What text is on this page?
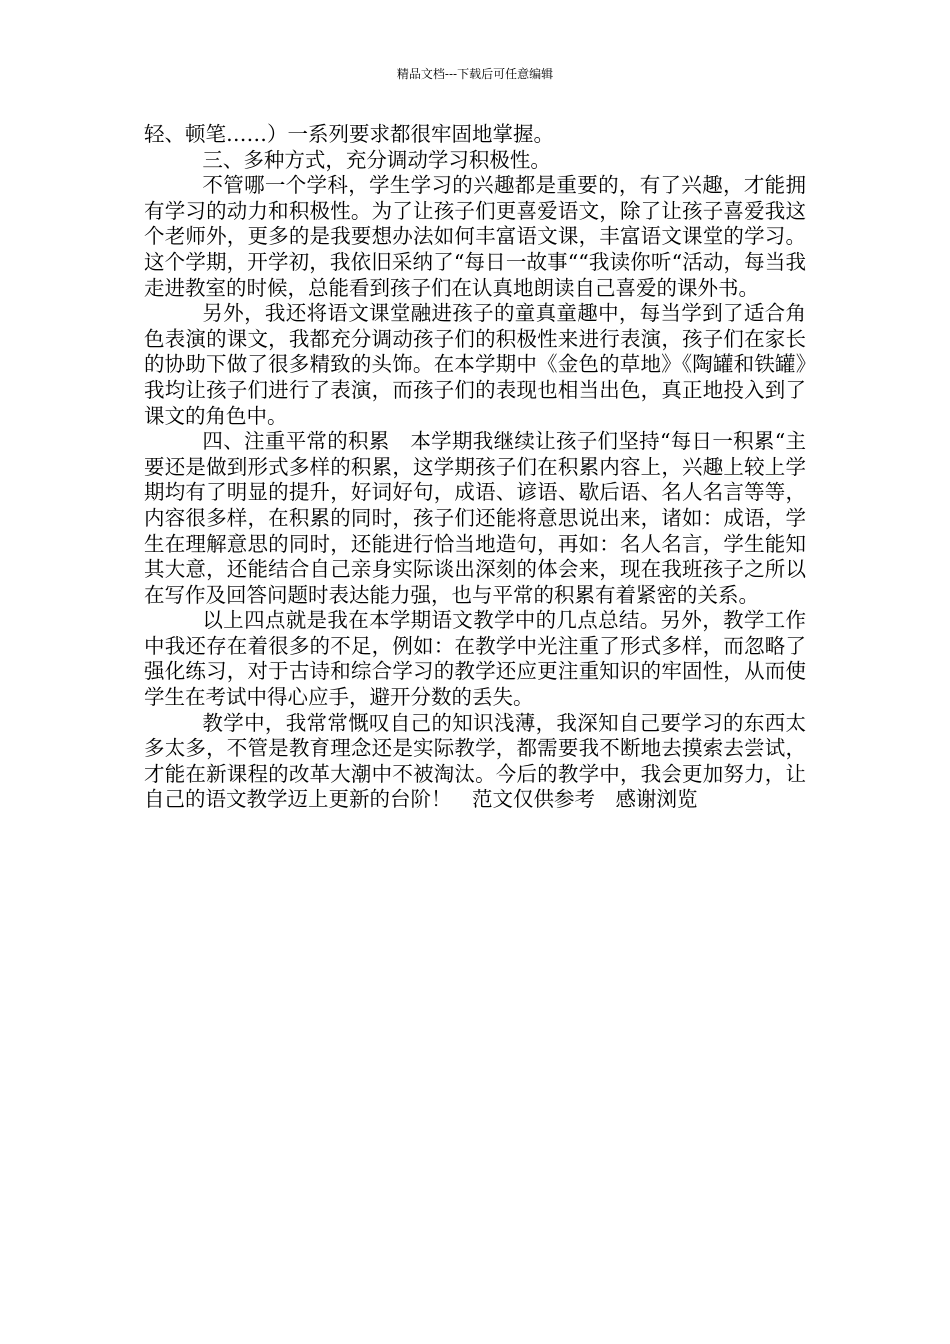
精品文档---下载后可任意编辑

轻、顿笔……）一系列要求都很牢固地掌握。

三、多种方式，充分调动学习积极性。

不管哪一个学科，学生学习的兴趣都是重要的，有了兴趣，才能拥有学习的动力和积极性。为了让孩子们更喜爱语文，除了让孩子喜爱我这个老师外，更多的是我要想办法如何丰富语文课，丰富语文课堂的学习。这个学期，开学初，我依旧采纳了“每日一故事““我读你听“活动，每当我走进教室的时候，总能看到孩子们在认真地朗读自己喜爱的课外书。

另外，我还将语文课堂融进孩子的童真童趣中，每当学到了适合角色表演的课文，我都充分调动孩子们的积极性来进行表演，孩子们在家长的协助下做了很多精致的头饰。在本学期中《金色的草地》《陶罐和铁罐》我均让孩子们进行了表演，而孩子们的表现也相当出色，真正地投入到了课文的角色中。

四、注重平常的积累　本学期我继续让孩子们坚持“每日一积累“主要还是做到形式多样的积累，这学期孩子们在积累内容上，兴趣上较上学期均有了明显的提升，好词好句，成语、谚语、歇后语、名人名言等等，内容很多样，在积累的同时，孩子们还能将意思说出来，诸如：成语，学生在理解意思的同时，还能进行恰当地造句，再如：名人名言，学生能知其大意，还能结合自己亲身实际谈出深刻的体会来，现在我班孩子之所以在写作及回答问题时表达能力强，也与平常的积累有着紧密的关系。

以上四点就是我在本学期语文教学中的几点总结。另外，教学工作中我还存在着很多的不足，例如：在教学中光注重了形式多样，而忽略了强化练习，对于古诗和综合学习的教学还应更注重知识的牢固性，从而使学生在考试中得心应手，避开分数的丢失。

教学中，我常常慨叹自己的知识浅薄，我深知自己要学习的东西太多太多，不管是教育理念还是实际教学，都需要我不断地去摸索去尝试，才能在新课程的改革大潮中不被淘汰。今后的教学中，我会更加努力，让自己的语文教学迈上更新的台阶！　范文仅供参考　感谢浏览
